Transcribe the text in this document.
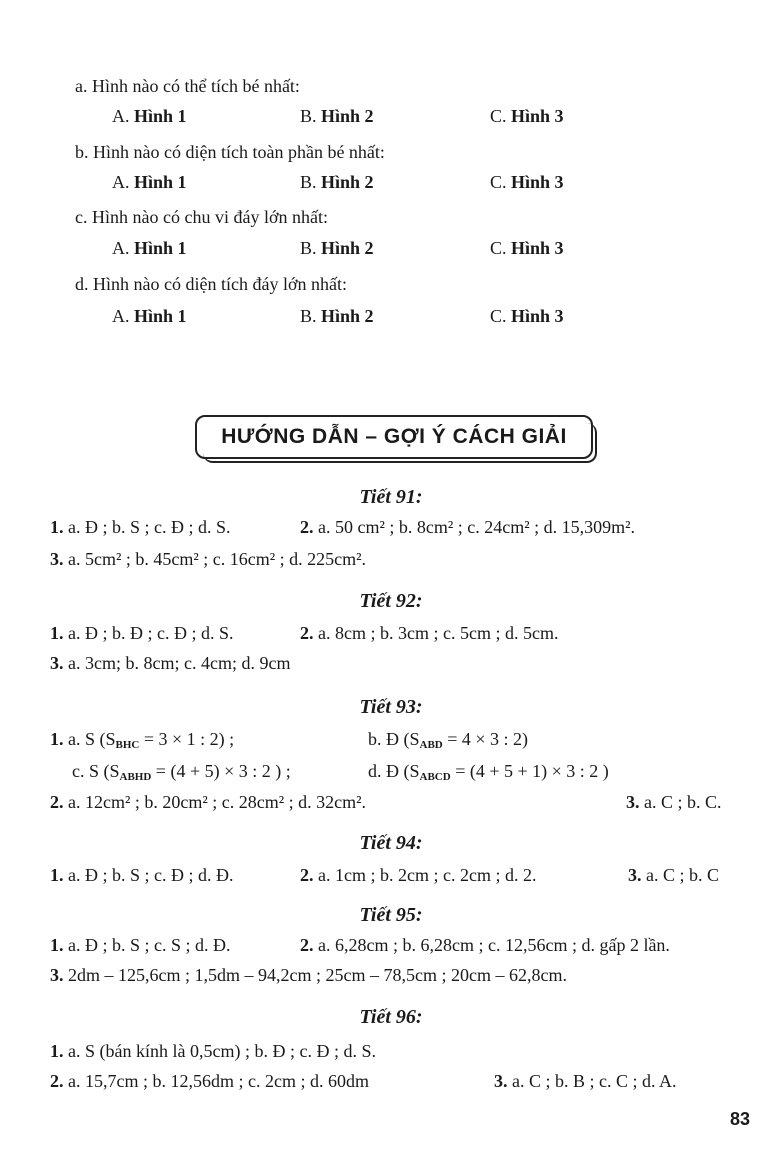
a. Hình nào có thể tích bé nhất:
A. Hình 1	B. Hình 2	C. Hình 3
b. Hình nào có diện tích toàn phần bé nhất:
A. Hình 1	B. Hình 2	C. Hình 3
c. Hình nào có chu vi đáy lớn nhất:
A. Hình 1	B. Hình 2	C. Hình 3
d. Hình nào có diện tích đáy lớn nhất:
A. Hình 1	B. Hình 2	C. Hình 3
HƯỚNG DẪN – GỢI Ý CÁCH GIẢI
Tiết 91:
1. a. Đ ; b. S ; c. Đ ; d. S.	2. a. 50 cm² ; b. 8cm² ; c. 24cm² ; d. 15,309m².
3. a. 5cm² ; b. 45cm² ; c. 16cm² ; d. 225cm².
Tiết 92:
1. a. Đ ; b. Đ ; c. Đ ; d. S.	2. a. 8cm ; b. 3cm ; c. 5cm ; d. 5cm.
3. a. 3cm; b. 8cm; c. 4cm; d. 9cm
Tiết 93:
1. a. S ($S_{BHC} = 3 \times 1$ : 2) ;	b. Đ ($S_{ABD} = 4 \times 3$ : 2)
c. S ($S_{ABHD} = (4 + 5) \times 3$ : 2 ) ;	d. Đ ($S_{ABCD} = (4 + 5 + 1) \times 3$ : 2 )
2. a. 12cm² ; b. 20cm² ; c. 28cm² ; d. 32cm².	3. a. C ; b. C.
Tiết 94:
1. a. Đ ; b. S ; c. Đ ; d. Đ.	2. a. 1cm ; b. 2cm ; c. 2cm ; d. 2.	3. a. C ; b. C
Tiết 95:
1. a. Đ ; b. S ; c. S ; d. Đ.	2. a. 6,28cm ; b. 6,28cm ; c. 12,56cm ; d. gấp 2 lần.
3. 2dm – 125,6cm ; 1,5dm – 94,2cm ; 25cm – 78,5cm ; 20cm – 62,8cm.
Tiết 96:
1. a. S (bán kính là 0,5cm) ; b. Đ ; c. Đ ; d. S.
2. a. 15,7cm ; b. 12,56dm ; c. 2cm ; d. 60dm	3. a. C ; b. B ; c. C ; d. A.
83
